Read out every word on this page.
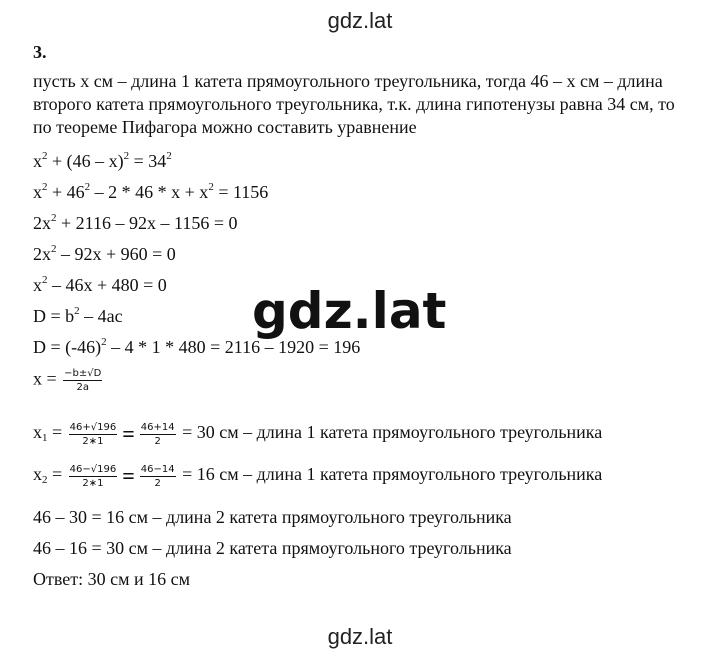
gdz.lat
3.
пусть x см – длина 1 катета прямоугольного треугольника, тогда 46 – x см – длина второго катета прямоугольного треугольника, т.к. длина гипотенузы равна 34 см, то по теореме Пифагора можно составить уравнение
$x^2 + (46 - x)^2 = 34^2$
$x^2 + 46^2 - 2 * 46 * x + x^2 = 1156$
$2x^2 + 2116 - 92x - 1156 = 0$
$2x^2 - 92x + 960 = 0$
$x^2 - 46x + 480 = 0$
$D = b^2 - 4ac$
$D = (-46)^2 - 4 * 1 * 480 = 2116 - 1920 = 196$
$x = \frac{-b\pm√D}{2a}$
$x_1 = \frac{46+√196}{2∗1} = \frac{46+14}{2} = 30$ см – длина 1 катета прямоугольного треугольника
$x_2 = \frac{46-√196}{2∗1} = \frac{46-14}{2} = 16$ см – длина 1 катета прямоугольного треугольника
46 – 30 = 16 см – длина 2 катета прямоугольного треугольника
46 – 16 = 30 см – длина 2 катета прямоугольного треугольника
Ответ: 30 см и 16 см
gdz.lat
gdz.lat
